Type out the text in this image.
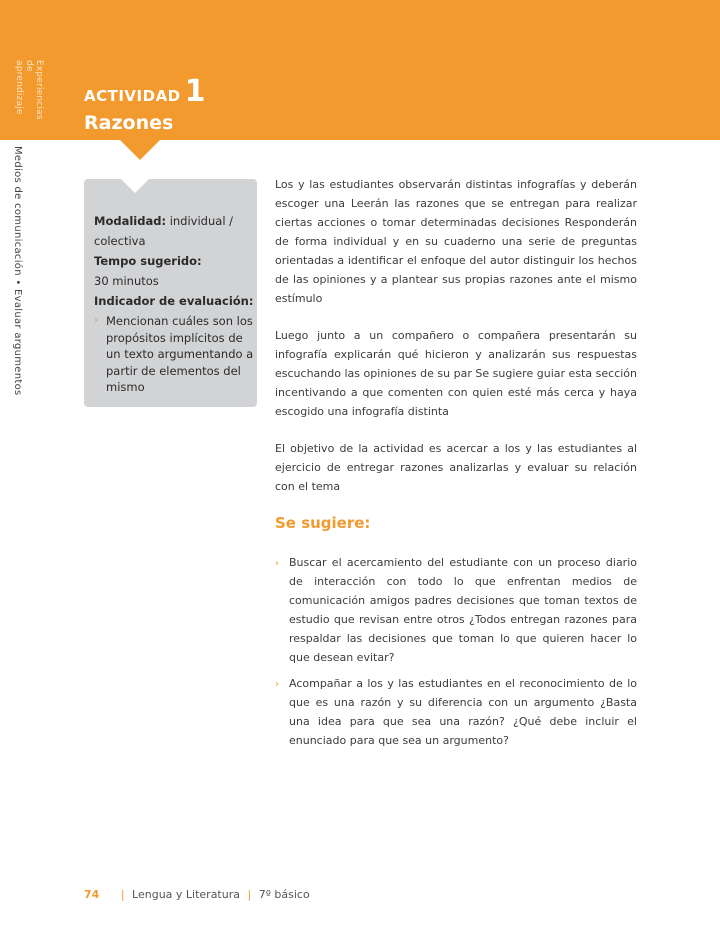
Experiencias
de aprendizaje	ACTIVIDAD 1
Razones
Medios de comunicación • Evaluar argumentos	Modalidad: individual / colectiva
Tempo sugerido:
30 minutos
Indicador de evaluación:
› Mencionan cuáles son los propósitos implícitos de un texto argumentando a partir de elementos del mismo

Los y las estudiantes observarán distintas infografías y deberán escoger una Leerán las razones que se entregan para realizar ciertas acciones o tomar determinadas decisiones Responderán de forma individual y en su cuaderno una serie de preguntas orientadas a identificar el enfoque del autor distinguir los hechos de las opiniones y a plantear sus propias razones ante el mismo estímulo

Luego junto a un compañero o compañera presentarán su infografía explicarán qué hicieron y analizarán sus respuestas escuchando las opiniones de su par Se sugiere guiar esta sección incentivando a que comenten con quien esté más cerca y haya escogido una infografía distinta

El objetivo de la actividad es acercar a los y las estudiantes al ejercicio de entregar razones analizarlas y evaluar su relación con el tema

Se sugiere:
› Buscar el acercamiento del estudiante con un proceso diario de interacción con todo lo que enfrentan medios de comunicación amigos padres decisiones que toman textos de estudio que revisan entre otros ¿Todos entregan razones para respaldar las decisiones que toman lo que quieren hacer lo que desean evitar?
› Acompañar a los y las estudiantes en el reconocimiento de lo que es una razón y su diferencia con un argumento ¿Basta una idea para que sea una razón? ¿Qué debe incluir el enunciado para que sea un argumento?
74 | Lengua y Literatura | 7º básico
